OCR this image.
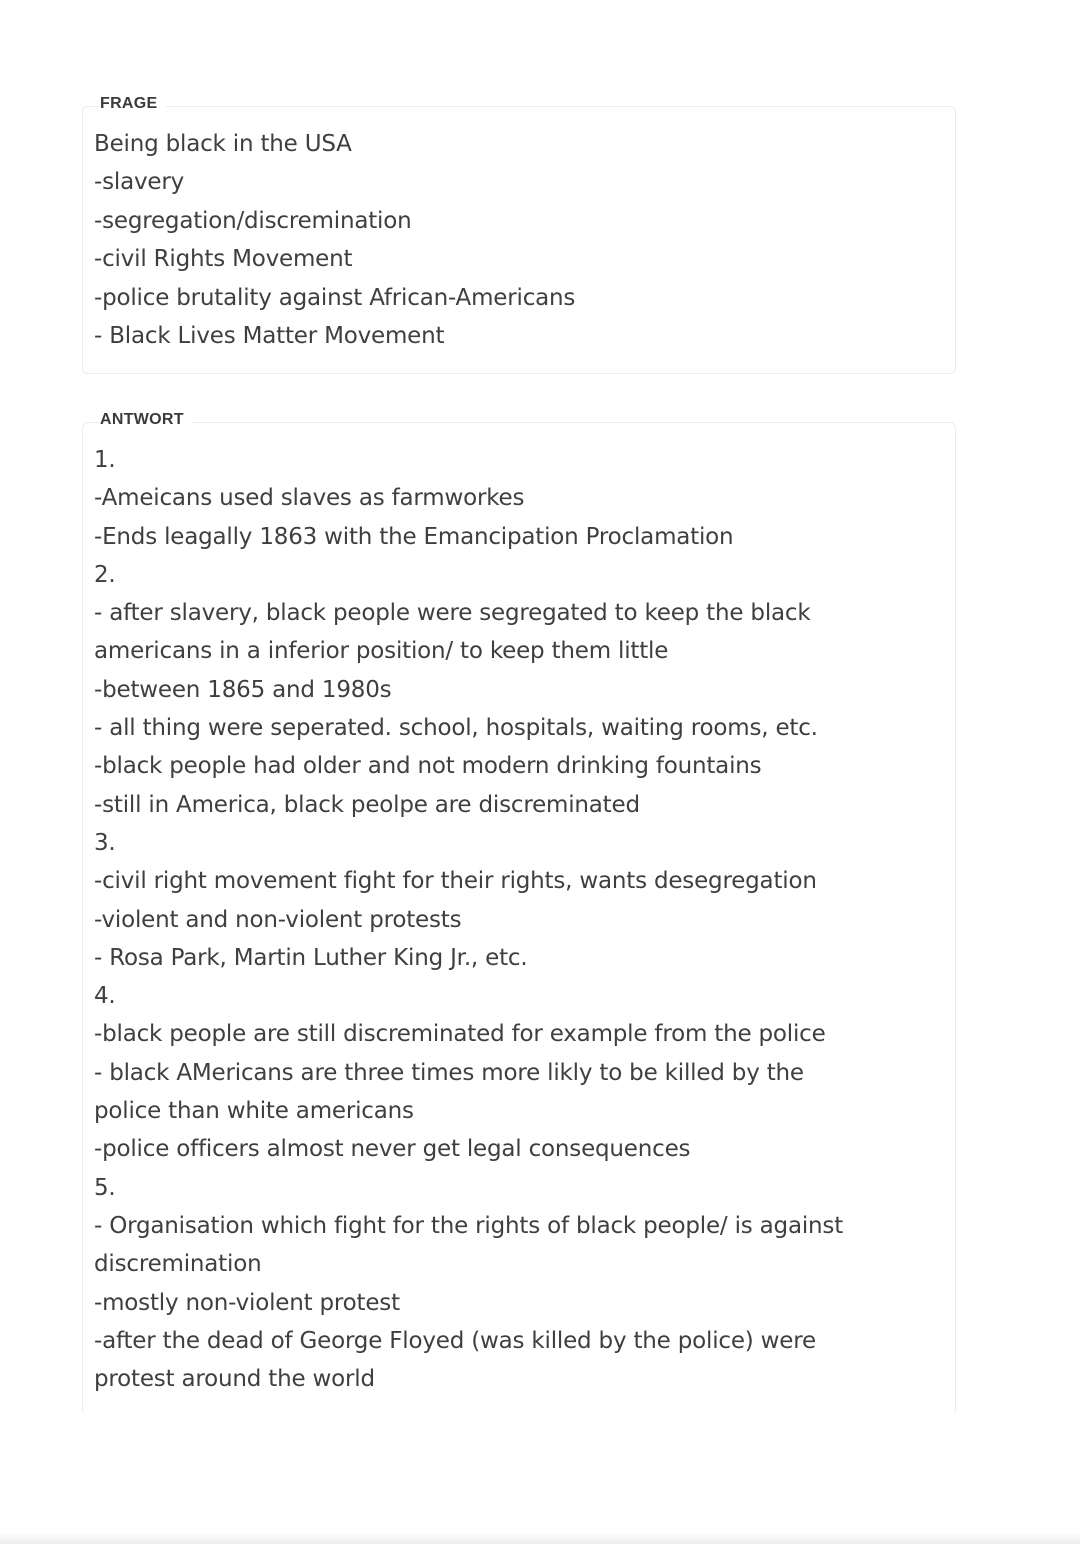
FRAGE
Being black in the USA
-slavery
-segregation/discremination
-civil Rights Movement
-police brutality against African-Americans
- Black Lives Matter Movement
ANTWORT
1.
-Ameicans used slaves as farmworkes
-Ends leagally 1863 with the Emancipation Proclamation
2.
- after slavery, black people were segregated to keep the black
americans in a inferior position/ to keep them little
-between 1865 and 1980s
- all thing were seperated. school, hospitals, waiting rooms, etc.
-black people had older and not modern drinking fountains
-still in America, black peolpe are discreminated
3.
-civil right movement fight for their rights, wants desegregation
-violent and non-violent protests
- Rosa Park, Martin Luther King Jr., etc.
4.
-black people are still discreminated for example from the police
- black AMericans are three times more likly to be killed by the
police than white americans
-police officers almost never get legal consequences
5.
- Organisation which fight for the rights of black people/ is against
discremination
-mostly non-violent protest
-after the dead of George Floyed (was killed by the police) were
protest around the world
